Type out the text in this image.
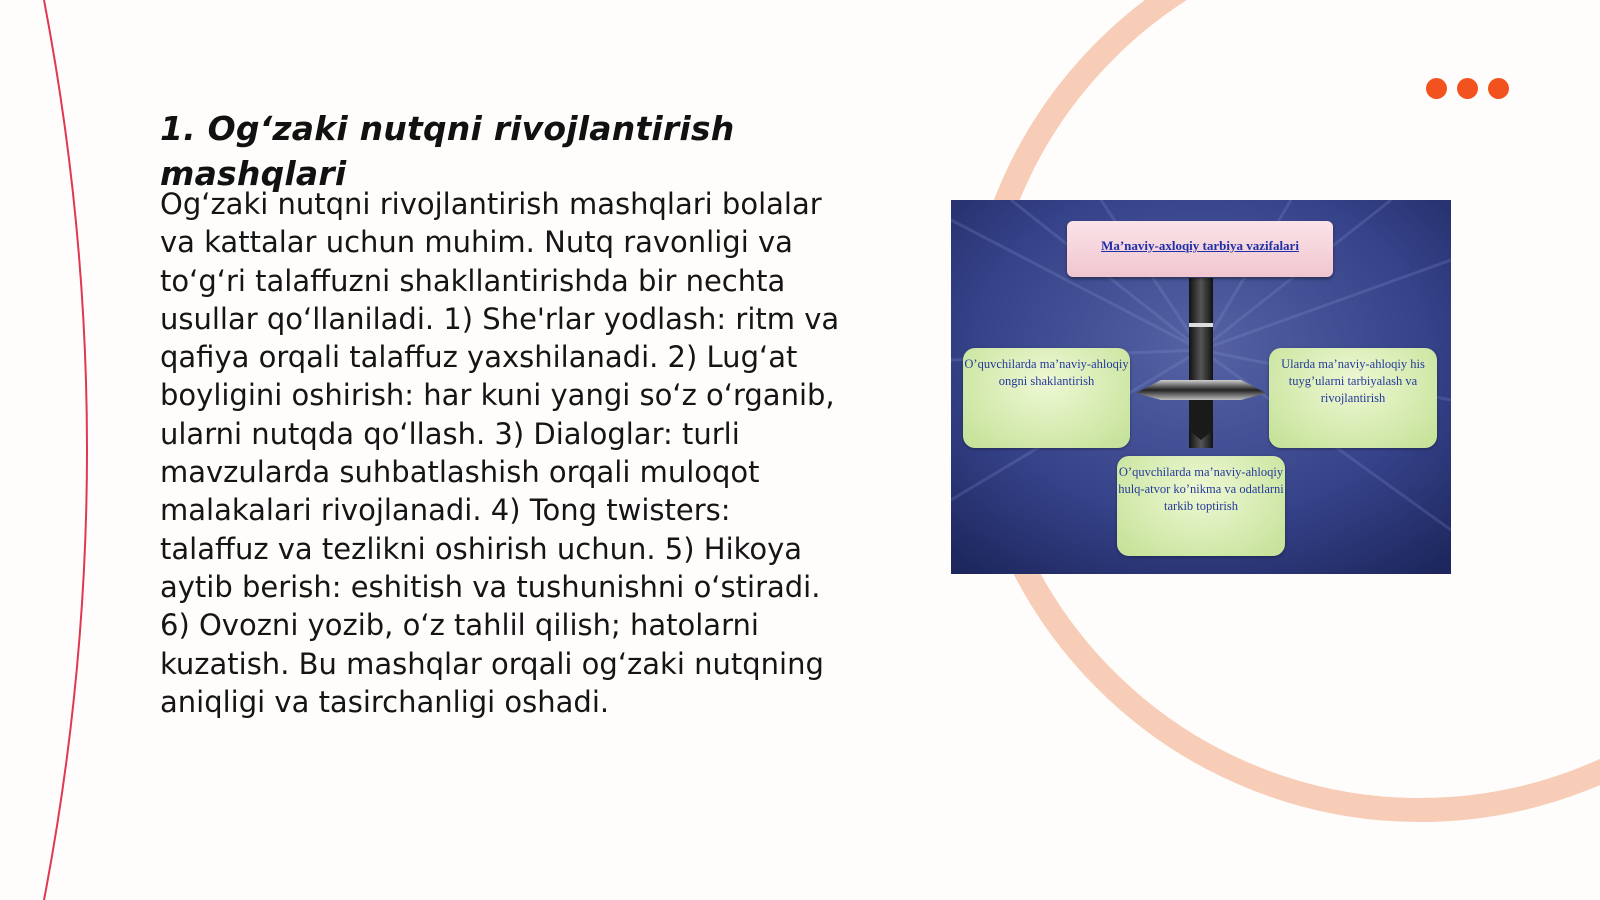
1. Og‘zaki nutqni rivojlantirish mashqlari

Og‘zaki nutqni rivojlantirish mashqlari bolalar va kattalar uchun muhim. Nutq ravonligi va to‘g‘ri talaffuzni shakllantirishda bir nechta usullar qo‘llaniladi. 1) She'rlar yodlash: ritm va qafiya orqali talaffuz yaxshilanadi. 2) Lug‘at boyligini oshirish: har kuni yangi so‘z o‘rganib, ularni nutqda qo‘llash. 3) Dialoglar: turli mavzularda suhbatlashish orqali muloqot malakalari rivojlanadi. 4) Tong twisters: talaffuz va tezlikni oshirish uchun. 5) Hikoya aytib berish: eshitish va tushunishni o‘stiradi. 6) Ovozni yozib, o‘z tahlil qilish; hatolarni kuzatish. Bu mashqlar orqali og‘zaki nutqning aniqligi va tasirchanligi oshadi.

Ma’naviy-axloqiy tarbiya vazifalari
O’quvchilarda ma’naviy-ahloqiy ongni shaklantirish
Ularda ma’naviy-ahloqiy his tuyg’ularni tarbiyalash va rivojlantirish
O’quvchilarda ma’naviy-ahloqiy hulq-atvor ko’nikma va odatlarni tarkib toptirish
